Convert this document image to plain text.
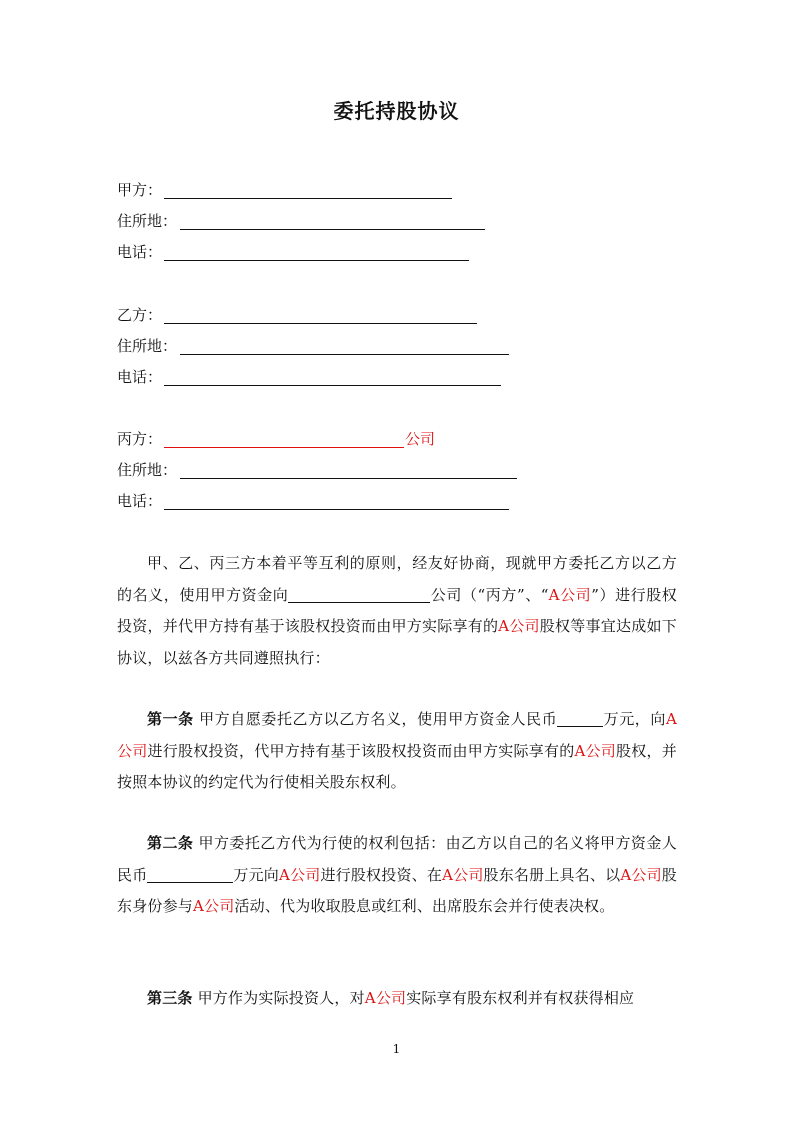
委托持股协议
甲方：
住所地：
电话：
乙方：
住所地：
电话：
丙方：	公司
住所地：
电话：
甲、乙、丙三方本着平等互利的原则，经友好协商，现就甲方委托乙方以乙方的名义，使用甲方资金向	公司（“丙方”、“A公司”）进行股权投资，并代甲方持有基于该股权投资而由甲方实际享有的A公司股权等事宜达成如下协议，以兹各方共同遵照执行：
第一条 甲方自愿委托乙方以乙方名义，使用甲方资金人民币	万元，向A公司进行股权投资，代甲方持有基于该股权投资而由甲方实际享有的A公司股权，并按照本协议的约定代为行使相关股东权利。
第二条 甲方委托乙方代为行使的权利包括：由乙方以自己的名义将甲方资金人民币	万元向A公司进行股权投资、在A公司股东名册上具名、以A公司股东身份参与A公司活动、代为收取股息或红利、出席股东会并行使表决权。
第三条 甲方作为实际投资人，对A公司实际享有股东权利并有权获得相应
1
